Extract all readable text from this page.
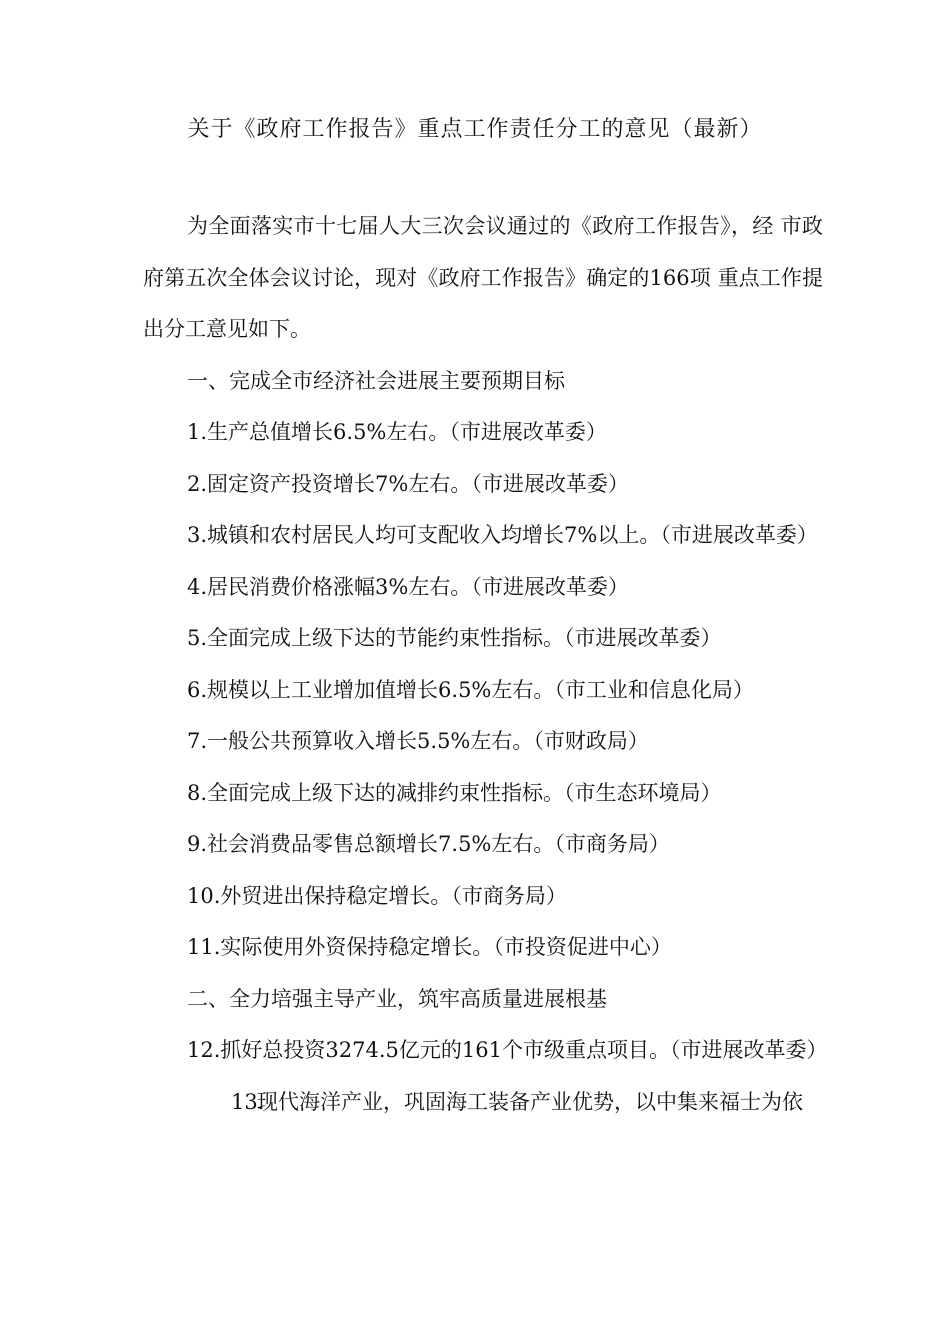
关于《政府工作报告》重点工作责任分工的意见（最新）

为全面落实市十七届人大三次会议通过的《政府工作报告》，经 市政府第五次全体会议讨论，现对《政府工作报告》确定的166项 重点工作提出分工意见如下。

一、完成全市经济社会进展主要预期目标

1.生产总值增长6.5%左右。（市进展改革委）

2.固定资产投资增长7%左右。（市进展改革委）

3.城镇和农村居民人均可支配收入均增长7%以上。（市进展改革委）

4.居民消费价格涨幅3%左右。（市进展改革委）

5.全面完成上级下达的节能约束性指标。（市进展改革委）

6.规模以上工业增加值增长6.5%左右。（市工业和信息化局）

7.一般公共预算收入增长5.5%左右。（市财政局）

8.全面完成上级下达的减排约束性指标。（市生态环境局）

9.社会消费品零售总额增长7.5%左右。（市商务局）

10.外贸进出保持稳定增长。（市商务局）

11.实际使用外资保持稳定增长。（市投资促进中心）

二、全力培强主导产业，筑牢高质量进展根基

12.抓好总投资3274.5亿元的161个市级重点项目。（市进展改革委）

13.现代海洋产业，巩固海工装备产业优势，以中集来福士为依
